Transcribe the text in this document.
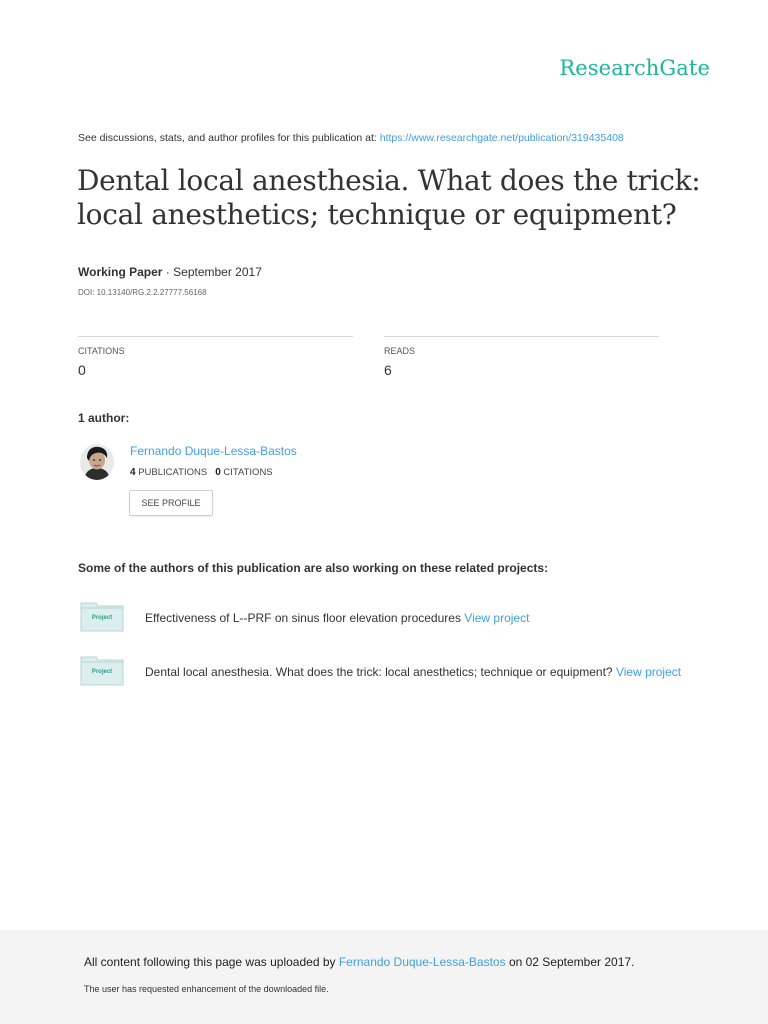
ResearchGate
See discussions, stats, and author profiles for this publication at: https://www.researchgate.net/publication/319435408
Dental local anesthesia. What does the trick: local anesthetics; technique or equipment?
Working Paper · September 2017
DOI: 10.13140/RG.2.2.27777.56168
CITATIONS
0
READS
6
1 author:
Fernando Duque-Lessa-Bastos
4 PUBLICATIONS 0 CITATIONS
SEE PROFILE
Some of the authors of this publication are also working on these related projects:
Project	Effectiveness of L--PRF on sinus floor elevation procedures View project
Project	Dental local anesthesia. What does the trick: local anesthetics; technique or equipment? View project
All content following this page was uploaded by Fernando Duque-Lessa-Bastos on 02 September 2017.
The user has requested enhancement of the downloaded file.
